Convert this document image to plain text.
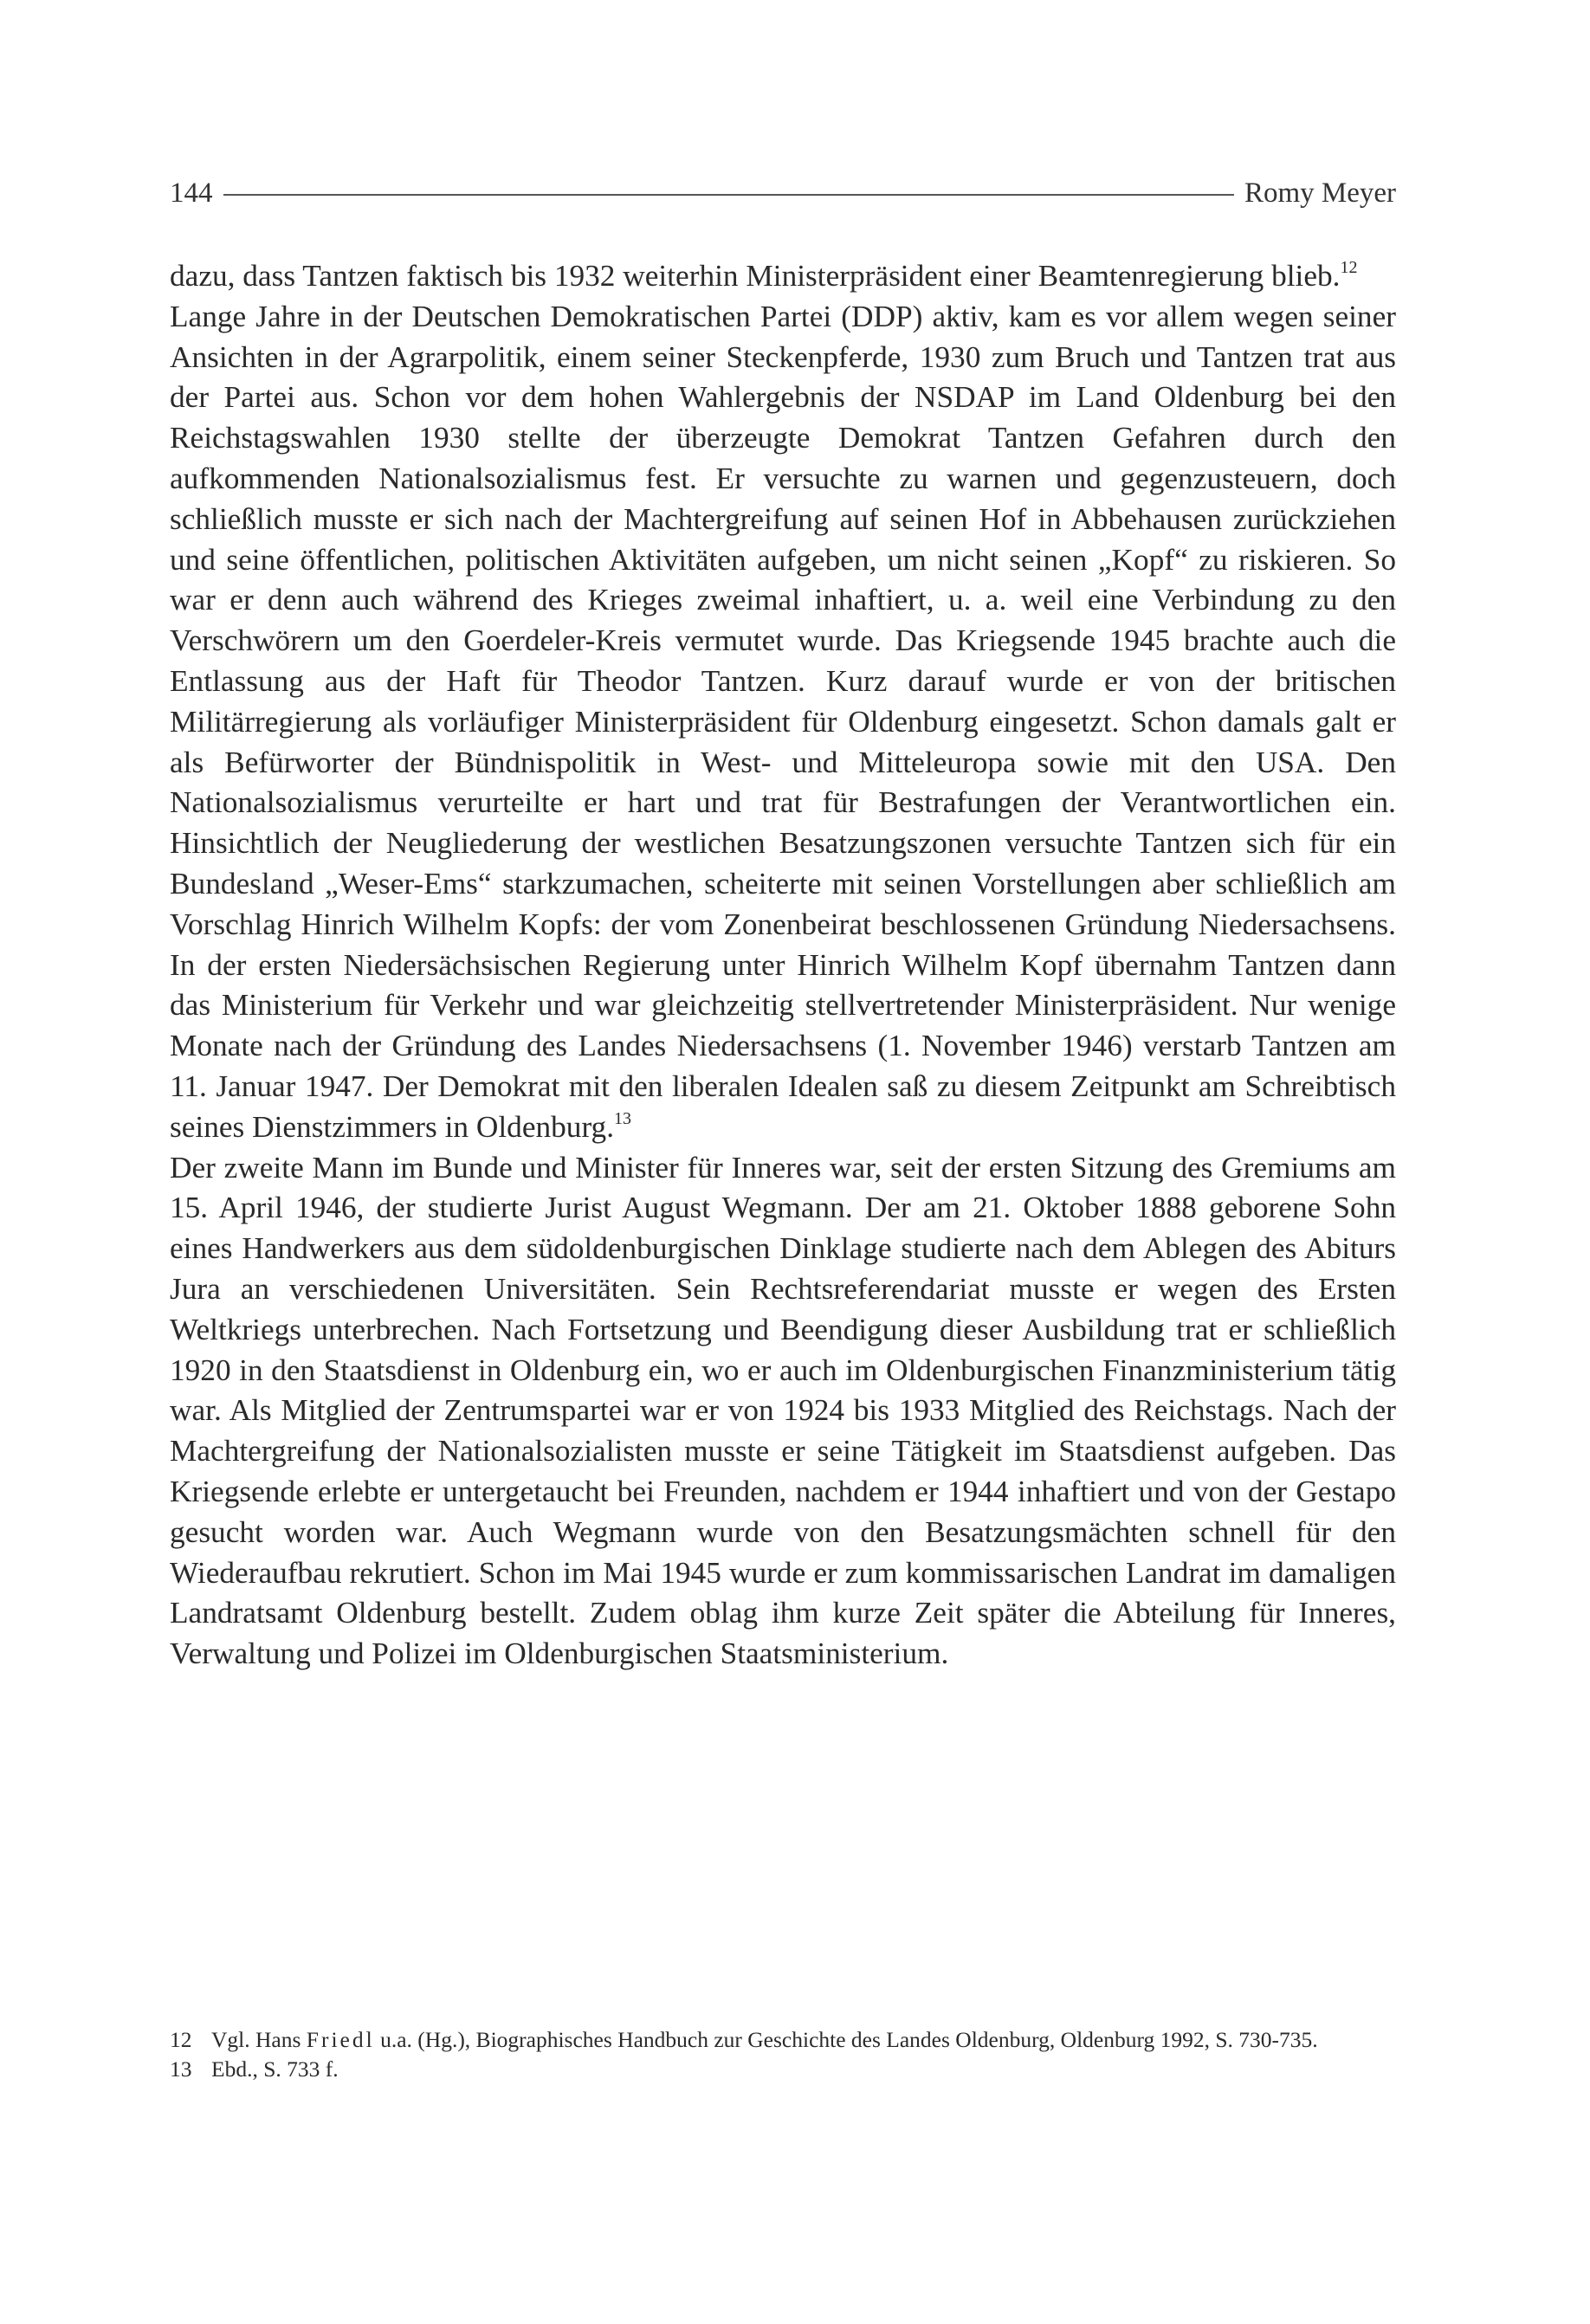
144	Romy Meyer

dazu, dass Tantzen faktisch bis 1932 weiterhin Ministerpräsident einer Beamtenregierung blieb.$^{12}$

Lange Jahre in der Deutschen Demokratischen Partei (DDP) aktiv, kam es vor allem wegen seiner Ansichten in der Agrarpolitik, einem seiner Steckenpferde, 1930 zum Bruch und Tantzen trat aus der Partei aus. Schon vor dem hohen Wahlergebnis der NSDAP im Land Oldenburg bei den Reichstagswahlen 1930 stellte der überzeugte Demokrat Tantzen Gefahren durch den aufkommenden Nationalsozialismus fest. Er versuchte zu warnen und gegenzusteuern, doch schließlich musste er sich nach der Machtergreifung auf seinen Hof in Abbehausen zurückziehen und seine öffentlichen, politischen Aktivitäten aufgeben, um nicht seinen „Kopf“ zu riskieren. So war er denn auch während des Krieges zweimal inhaftiert, u. a. weil eine Verbindung zu den Verschwörern um den Goerdeler-Kreis vermutet wurde. Das Kriegsende 1945 brachte auch die Entlassung aus der Haft für Theodor Tantzen. Kurz darauf wurde er von der britischen Militärregierung als vorläufiger Ministerpräsident für Oldenburg eingesetzt. Schon damals galt er als Befürworter der Bündnispolitik in West- und Mitteleuropa sowie mit den USA. Den Nationalsozialismus verurteilte er hart und trat für Bestrafungen der Verantwortlichen ein. Hinsichtlich der Neugliederung der westlichen Besatzungszonen versuchte Tantzen sich für ein Bundesland „Weser-Ems“ starkzumachen, scheiterte mit seinen Vorstellungen aber schließlich am Vorschlag Hinrich Wilhelm Kopfs: der vom Zonenbeirat beschlossenen Gründung Niedersachsens. In der ersten Niedersächsischen Regierung unter Hinrich Wilhelm Kopf übernahm Tantzen dann das Ministerium für Verkehr und war gleichzeitig stellvertretender Ministerpräsident. Nur wenige Monate nach der Gründung des Landes Niedersachsens (1. November 1946) verstarb Tantzen am 11. Januar 1947. Der Demokrat mit den liberalen Idealen saß zu diesem Zeitpunkt am Schreibtisch seines Dienstzimmers in Oldenburg.$^{13}$

Der zweite Mann im Bunde und Minister für Inneres war, seit der ersten Sitzung des Gremiums am 15. April 1946, der studierte Jurist August Wegmann. Der am 21. Oktober 1888 geborene Sohn eines Handwerkers aus dem südoldenburgischen Dinklage studierte nach dem Ablegen des Abiturs Jura an verschiedenen Universitäten. Sein Rechtsreferendariat musste er wegen des Ersten Weltkriegs unterbrechen. Nach Fortsetzung und Beendigung dieser Ausbildung trat er schließlich 1920 in den Staatsdienst in Oldenburg ein, wo er auch im Oldenburgischen Finanzministerium tätig war. Als Mitglied der Zentrumspartei war er von 1924 bis 1933 Mitglied des Reichstags. Nach der Machtergreifung der Nationalsozialisten musste er seine Tätigkeit im Staatsdienst aufgeben. Das Kriegsende erlebte er untergetaucht bei Freunden, nachdem er 1944 inhaftiert und von der Gestapo gesucht worden war. Auch Wegmann wurde von den Besatzungsmächten schnell für den Wiederaufbau rekrutiert. Schon im Mai 1945 wurde er zum kommissarischen Landrat im damaligen Landratsamt Oldenburg bestellt. Zudem oblag ihm kurze Zeit später die Abteilung für Inneres, Verwaltung und Polizei im Oldenburgischen Staatsministerium.

12 Vgl. Hans Friedl u.a. (Hg.), Biographisches Handbuch zur Geschichte des Landes Oldenburg, Oldenburg 1992, S. 730-735.
13 Ebd., S. 733 f.
